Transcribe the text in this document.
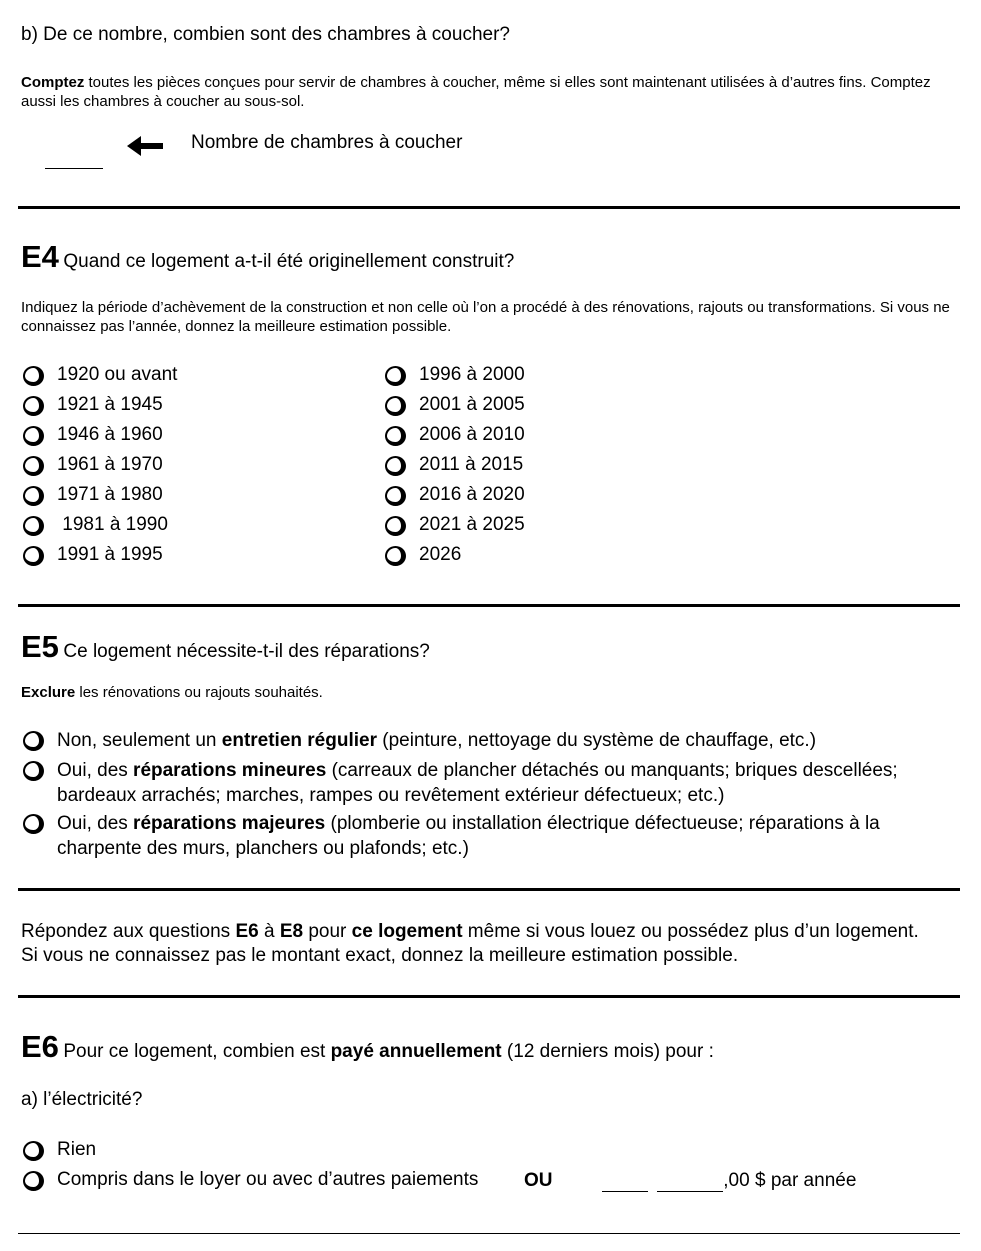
b) De ce nombre, combien sont des chambres à coucher?
Comptez toutes les pièces conçues pour servir de chambres à coucher, même si elles sont maintenant utilisées à d’autres fins. Comptez aussi les chambres à coucher au sous-sol.
Nombre de chambres à coucher
E4 Quand ce logement a-t-il été originellement construit?
Indiquez la période d’achèvement de la construction et non celle où l’on a procédé à des rénovations, rajouts ou transformations. Si vous ne connaissez pas l’année, donnez la meilleure estimation possible.
1920 ou avant
1921 à 1945
1946 à 1960
1961 à 1970
1971 à 1980
1981 à 1990
1991 à 1995
1996 à 2000
2001 à 2005
2006 à 2010
2011 à 2015
2016 à 2020
2021 à 2025
2026
E5 Ce logement nécessite-t-il des réparations?
Exclure les rénovations ou rajouts souhaités.
Non, seulement un entretien régulier (peinture, nettoyage du système de chauffage, etc.)
Oui, des réparations mineures (carreaux de plancher détachés ou manquants; briques descellées; bardeaux arrachés; marches, rampes ou revêtement extérieur défectueux; etc.)
Oui, des réparations majeures (plomberie ou installation électrique défectueuse; réparations à la charpente des murs, planchers ou plafonds; etc.)
Répondez aux questions E6 à E8 pour ce logement même si vous louez ou possédez plus d’un logement. Si vous ne connaissez pas le montant exact, donnez la meilleure estimation possible.
E6 Pour ce logement, combien est payé annuellement (12 derniers mois) pour :
a) l’électricité?
Rien
Compris dans le loyer ou avec d’autres paiements OU	,00 $ par année
